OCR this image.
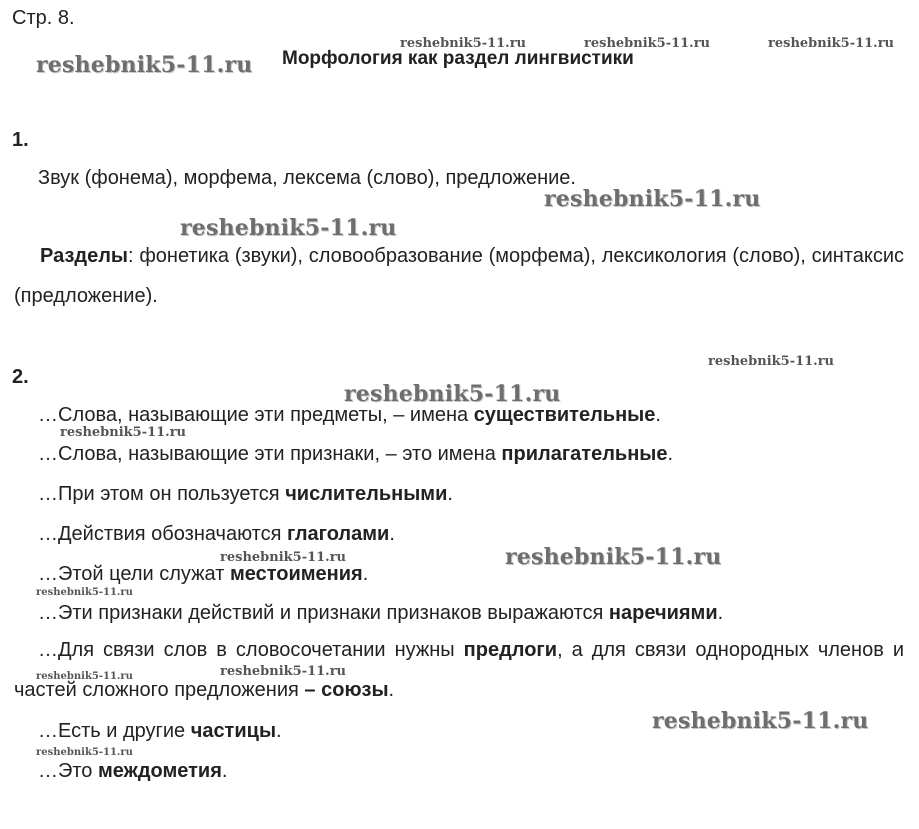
Стр. 8.

Морфология как раздел лингвистики

1.

Звук (фонема), морфема, лексема (слово), предложение.

Разделы: фонетика (звуки), словообразование (морфема), лексикология (слово), синтаксис (предложение).

2.

…Слова, называющие эти предметы, – имена существительные.

…Слова, называющие эти признаки, – это имена прилагательные.

…При этом он пользуется числительными.

…Действия обозначаются глаголами.

…Этой цели служат местоимения.

…Эти признаки действий и признаки признаков выражаются наречиями.

…Для связи слов в словосочетании нужны предлоги, а для связи однородных членов и частей сложного предложения – союзы.

…Есть и другие частицы.

…Это междометия.

reshebnik5-11.ru	reshebnik5-11.ru	reshebnik5-11.ru
reshebnik5-11.ru
reshebnik5-11.ru
reshebnik5-11.ru
reshebnik5-11.ru
reshebnik5-11.ru
reshebnik5-11.ru
reshebnik5-11.ru	reshebnik5-11.ru
reshebnik5-11.ru
reshebnik5-11.ru	reshebnik5-11.ru
reshebnik5-11.ru
reshebnik5-11.ru
